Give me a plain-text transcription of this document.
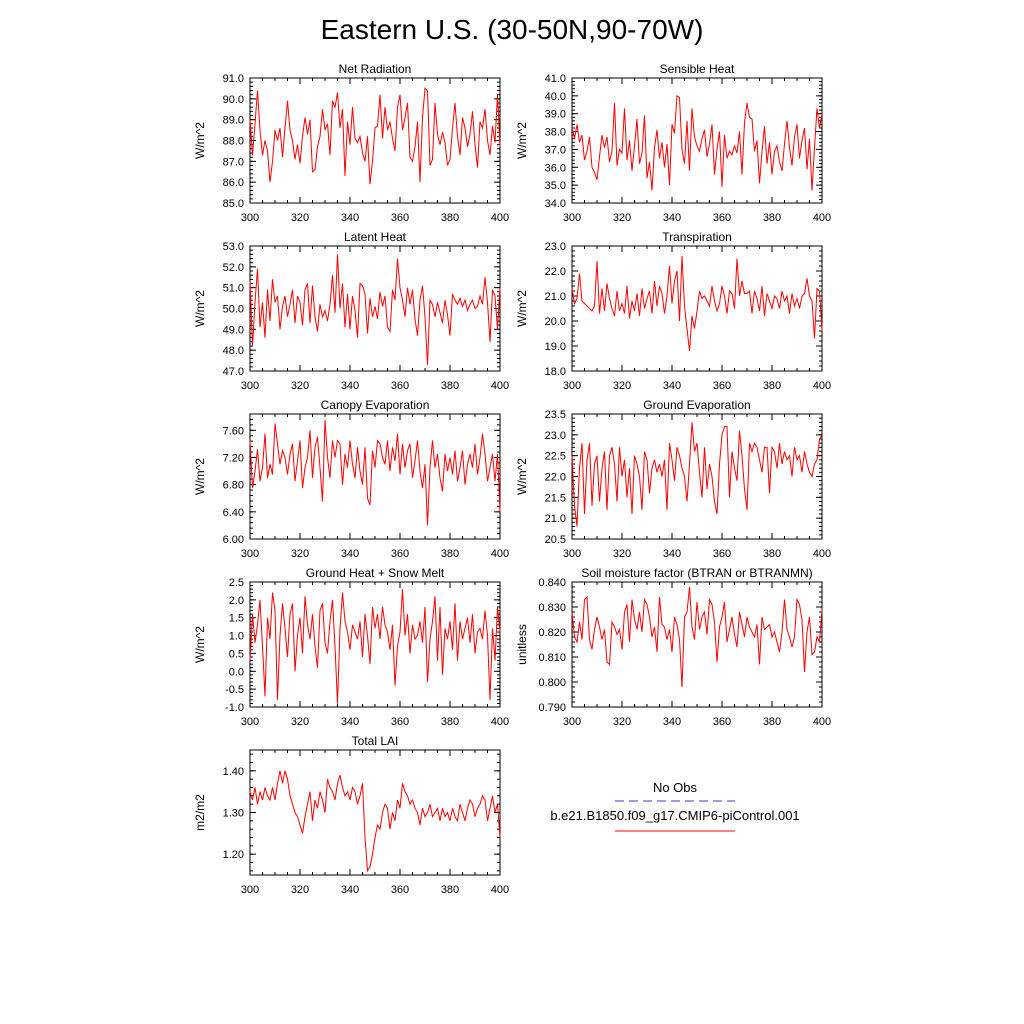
Eastern U.S. (30-50N,90-70W)
No Obs
b.e21.B1850.f09_g17.CMIP6-piControl.001
Net Radiation
300	320	340	360	380	400
85.0
86.0
87.0
88.0
89.0
90.0
91.0
W/m^2
Sensible Heat
300	320	340	360	380	400
34.0
35.0
36.0
37.0
38.0
39.0
40.0
41.0
W/m^2
Latent Heat
300	320	340	360	380	400
47.0
48.0
49.0
50.0
51.0
52.0
53.0
W/m^2
Transpiration
300	320	340	360	380	400
18.0
19.0
20.0
21.0
22.0
23.0
W/m^2
Canopy Evaporation
300	320	340	360	380	400
6.00
6.40
6.80
7.20
7.60
W/m^2
Ground Evaporation
300	320	340	360	380	400
20.5
21.0
21.5
22.0
22.5
23.0
23.5
W/m^2
Ground Heat + Snow Melt
300	320	340	360	380	400
-1.0
-0.5
0.0
0.5
1.0
1.5
2.0
2.5
W/m^2
Soil moisture factor (BTRAN or BTRANMN)
300	320	340	360	380	400
0.790
0.800
0.810
0.820
0.830
0.840
unitless
Total LAI
300	320	340	360	380	400
1.20
1.30
1.40
m2/m2
